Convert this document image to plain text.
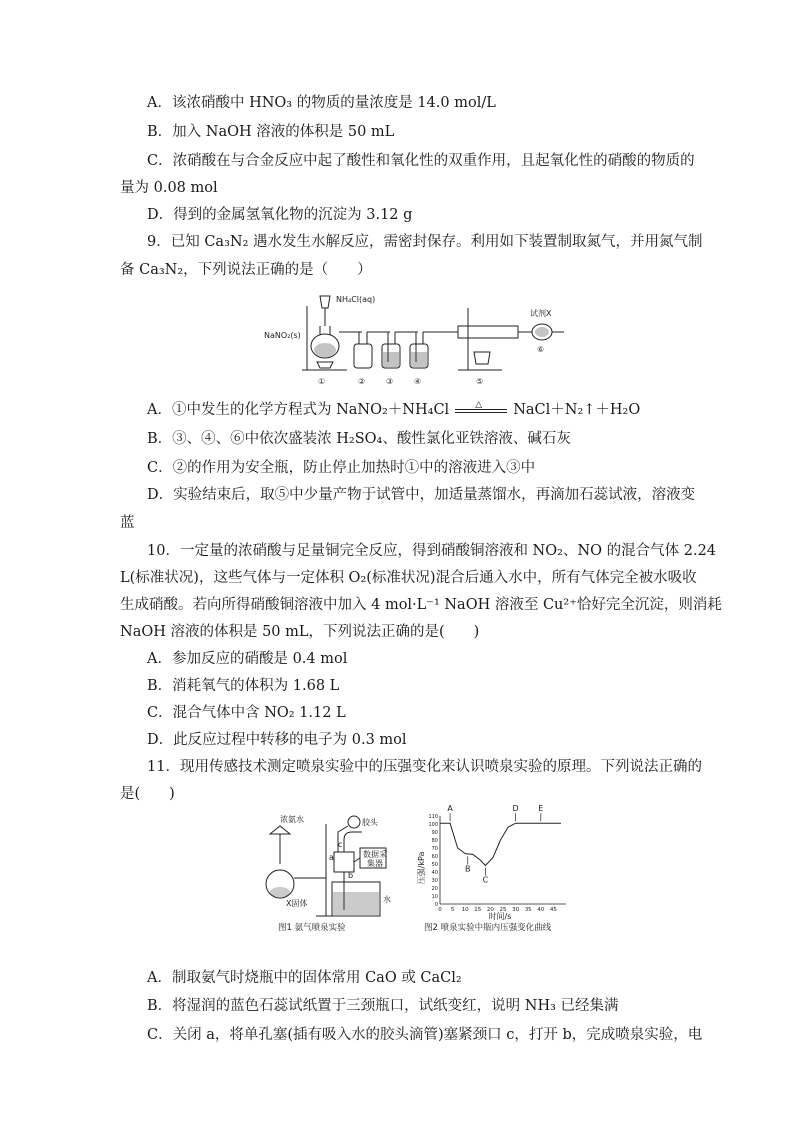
A．该浓硝酸中 HNO₃ 的物质的量浓度是 14.0 mol/L
B．加入 NaOH 溶液的体积是 50 mL
C．浓硝酸在与合金反应中起了酸性和氧化性的双重作用，且起氧化性的硝酸的物质的
量为 0.08 mol
D．得到的金属氢氧化物的沉淀为 3.12 g
9．已知 Ca₃N₂ 遇水发生水解反应，需密封保存。利用如下装置制取氮气，并用氮气制
备 Ca₃N₂，下列说法正确的是（　　）
NH₄Cl(aq)
NaNO₂(s)
试剂X
①	②	③	④	⑤
⑥
A．①中发生的化学方程式为 NaNO₂＋NH₄Cl	△ NaCl＋N₂↑＋H₂O
B．③、④、⑥中依次盛装浓 H₂SO₄、酸性氯化亚铁溶液、碱石灰
C．②的作用为安全瓶，防止停止加热时①中的溶液进入③中
D．实验结束后，取⑤中少量产物于试管中，加适量蒸馏水，再滴加石蕊试液，溶液变
蓝
10．一定量的浓硝酸与足量铜完全反应，得到硝酸铜溶液和 NO₂、NO 的混合气体 2.24
L(标准状况)，这些气体与一定体积 O₂(标准状况)混合后通入水中，所有气体完全被水吸收
生成硝酸。若向所得硝酸铜溶液中加入 4 mol·L⁻¹ NaOH 溶液至 Cu²⁺恰好完全沉淀，则消耗
NaOH 溶液的体积是 50 mL，下列说法正确的是(　　)
A．参加反应的硝酸是 0.4 mol
B．消耗氧气的体积为 1.68 L
C．混合气体中含 NO₂ 1.12 L
D．此反应过程中转移的电子为 0.3 mol
11．现用传感技术测定喷泉实验中的压强变化来认识喷泉实验的原理。下列说法正确的
是(　　)
浓氨水
X固体
胶头
数据采
集器
水
a
b
c
图1 氨气喷泉实验
0
10
20
30
40
50
60
70
80
90
100
110
0 5 10 15 20 25 30 35 40 45
A
B
C
D E
压强/kPa
时间/s
图2 喷泉实验中瓶内压强变化曲线
A．制取氨气时烧瓶中的固体常用 CaO 或 CaCl₂
B．将湿润的蓝色石蕊试纸置于三颈瓶口，试纸变红，说明 NH₃ 已经集满
C．关闭 a，将单孔塞(插有吸入水的胶头滴管)塞紧颈口 c，打开 b，完成喷泉实验，电
